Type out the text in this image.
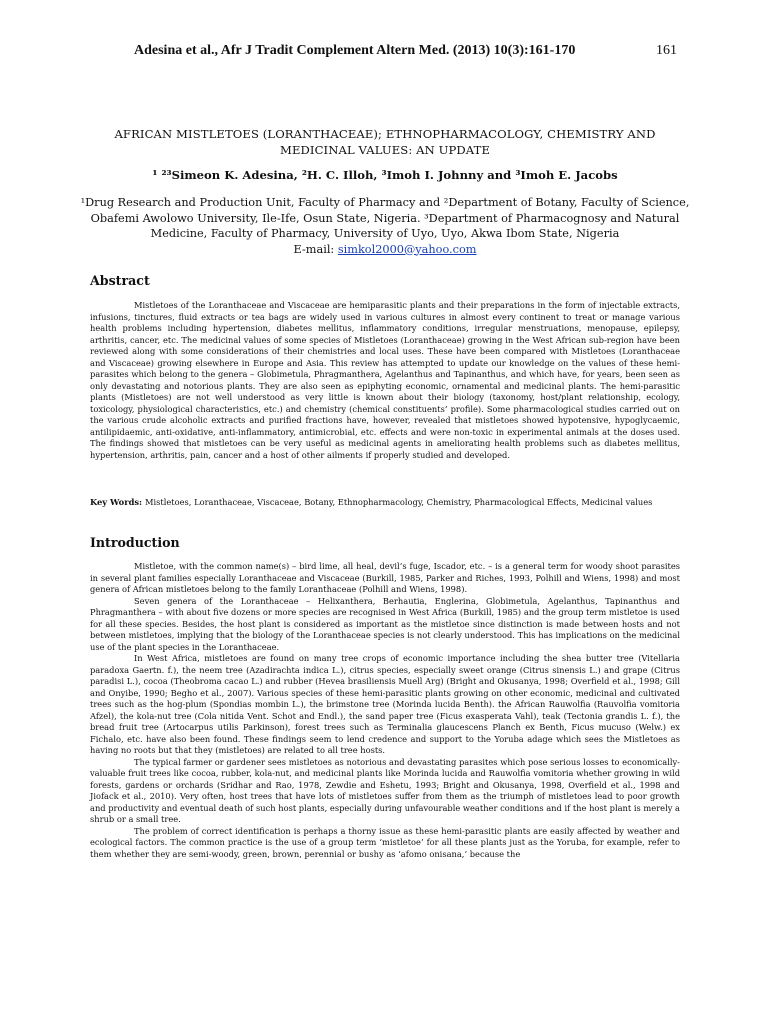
Adesina et al., Afr J Tradit Complement Altern Med. (2013) 10(3):161-170	161
AFRICAN MISTLETOES (LORANTHACEAE); ETHNOPHARMACOLOGY, CHEMISTRY AND MEDICINAL VALUES: AN UPDATE
¹ ²³Simeon K. Adesina, ²H. C. Illoh, ³Imoh I. Johnny and ³Imoh E. Jacobs
¹Drug Research and Production Unit, Faculty of Pharmacy and ²Department of Botany, Faculty of Science, Obafemi Awolowo University, Ile-Ife, Osun State, Nigeria. ³Department of Pharmacognosy and Natural Medicine, Faculty of Pharmacy, University of Uyo, Uyo, Akwa Ibom State, Nigeria
E-mail: simkol2000@yahoo.com
Abstract

Mistletoes of the Loranthaceae and Viscaceae are hemiparasitic plants and their preparations in the form of injectable extracts, infusions, tinctures, fluid extracts or tea bags are widely used in various cultures in almost every continent to treat or manage various health problems including hypertension, diabetes mellitus, inflammatory conditions, irregular menstruations, menopause, epilepsy, arthritis, cancer, etc. The medicinal values of some species of Mistletoes (Loranthaceae) growing in the West African sub-region have been reviewed along with some considerations of their chemistries and local uses. These have been compared with Mistletoes (Loranthaceae and Viscaceae) growing elsewhere in Europe and Asia. This review has attempted to update our knowledge on the values of these hemi-parasites which belong to the genera – Globimetula, Phragmanthera, Agelanthus and Tapinanthus, and which have, for years, been seen as only devastating and notorious plants. They are also seen as epiphyting economic, ornamental and medicinal plants. The hemi-parasitic plants (Mistletoes) are not well understood as very little is known about their biology (taxonomy, host/plant relationship, ecology, toxicology, physiological characteristics, etc.) and chemistry (chemical constituents’ profile). Some pharmacological studies carried out on the various crude alcoholic extracts and purified fractions have, however, revealed that mistletoes showed hypotensive, hypoglycaemic, antilipidaemic, anti-oxidative, anti-inflammatory, antimicrobial, etc. effects and were non-toxic in experimental animals at the doses used. The findings showed that mistletoes can be very useful as medicinal agents in ameliorating health problems such as diabetes mellitus, hypertension, arthritis, pain, cancer and a host of other ailments if properly studied and developed.

Key Words: Mistletoes, Loranthaceae, Viscaceae, Botany, Ethnopharmacology, Chemistry, Pharmacological Effects, Medicinal values

Introduction

Mistletoe, with the common name(s) – bird lime, all heal, devil’s fuge, Iscador, etc. – is a general term for woody shoot parasites in several plant families especially Loranthaceae and Viscaceae (Burkill, 1985, Parker and Riches, 1993, Polhill and Wiens, 1998) and most genera of African mistletoes belong to the family Loranthaceae (Polhill and Wiens, 1998).

Seven genera of the Loranthaceae – Helixanthera, Berhautia, Englerina, Globimetula, Agelanthus, Tapinanthus and Phragmanthera – with about five dozens or more species are recognised in West Africa (Burkill, 1985) and the group term mistletoe is used for all these species. Besides, the host plant is considered as important as the mistletoe since distinction is made between hosts and not between mistletoes, implying that the biology of the Loranthaceae species is not clearly understood. This has implications on the medicinal use of the plant species in the Loranthaceae.

In West Africa, mistletoes are found on many tree crops of economic importance including the shea butter tree (Vitellaria paradoxa Gaertn. f.), the neem tree (Azadirachta indica L.), citrus species, especially sweet orange (Citrus sinensis L.) and grape (Citrus paradisi L.), cocoa (Theobroma cacao L.) and rubber (Hevea brasiliensis Muell Arg) (Bright and Okusanya, 1998; Overfield et al., 1998; Gill and Onyibe, 1990; Begho et al., 2007). Various species of these hemi-parasitic plants growing on other economic, medicinal and cultivated trees such as the hog-plum (Spondias mombin L.), the brimstone tree (Morinda lucida Benth). the African Rauwolfia (Rauvolfia vomitoria Afzel), the kola-nut tree (Cola nitida Vent. Schot and Endl.), the sand paper tree (Ficus exasperata Vahl), teak (Tectonia grandis L. f.), the bread fruit tree (Artocarpus utilis Parkinson), forest trees such as Terminalia glaucescens Planch ex Benth, Ficus mucuso (Welw.) ex Fichalo, etc. have also been found. These findings seem to lend credence and support to the Yoruba adage which sees the Mistletoes as having no roots but that they (mistletoes) are related to all tree hosts.

The typical farmer or gardener sees mistletoes as notorious and devastating parasites which pose serious losses to economically-valuable fruit trees like cocoa, rubber, kola-nut, and medicinal plants like Morinda lucida and Rauwolfia vomitoria whether growing in wild forests, gardens or orchards (Sridhar and Rao, 1978, Zewdie and Eshetu, 1993; Bright and Okusanya, 1998, Overfield et al., 1998 and Jiofack et al., 2010). Very often, host trees that have lots of mistletoes suffer from them as the triumph of mistletoes lead to poor growth and productivity and eventual death of such host plants, especially during unfavourable weather conditions and if the host plant is merely a shrub or a small tree.

The problem of correct identification is perhaps a thorny issue as these hemi-parasitic plants are easily affected by weather and ecological factors. The common practice is the use of a group term ‘mistletoe’ for all these plants just as the Yoruba, for example, refer to them whether they are semi-woody, green, brown, perennial or bushy as ‘afomo onisana,’ because the
